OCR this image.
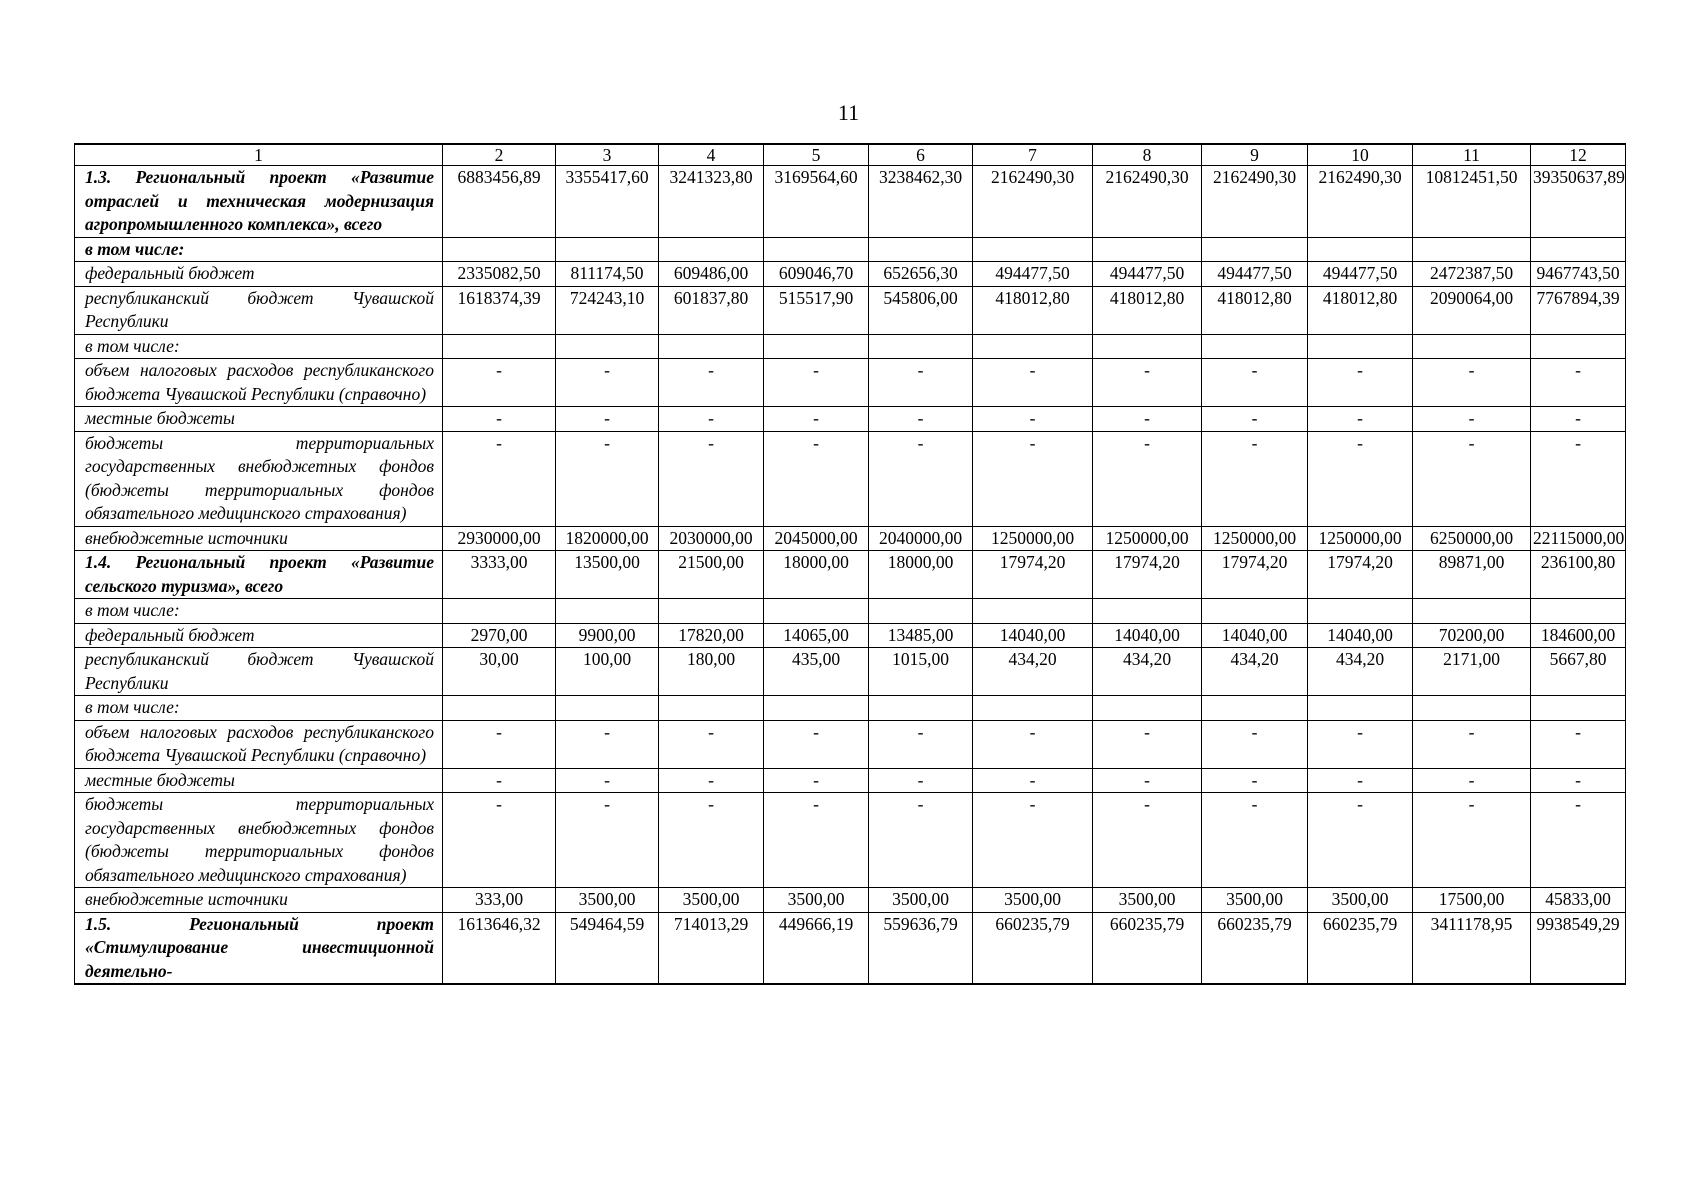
11
1	2	3	4	5	6	7	8	9	10	11	12
1.3. Региональный проект «Развитие отраслей и техническая модернизация агропромышленного комплекса», всего	6883456,89	3355417,60	3241323,80	3169564,60	3238462,30	2162490,30	2162490,30	2162490,30	2162490,30	10812451,50	39350637,89
в том числе:											
федеральный бюджет	2335082,50	811174,50	609486,00	609046,70	652656,30	494477,50	494477,50	494477,50	494477,50	2472387,50	9467743,50
республиканский бюджет Чувашской Республики	1618374,39	724243,10	601837,80	515517,90	545806,00	418012,80	418012,80	418012,80	418012,80	2090064,00	7767894,39
в том числе:											
объем налоговых расходов республиканского бюджета Чувашской Республики (справочно)	-	-	-	-	-	-	-	-	-	-	-
местные бюджеты	-	-	-	-	-	-	-	-	-	-	-
бюджеты территориальных государственных внебюджетных фондов (бюджеты территориальных фондов обязательного медицинского страхования)	-	-	-	-	-	-	-	-	-	-	-
внебюджетные источники	2930000,00	1820000,00	2030000,00	2045000,00	2040000,00	1250000,00	1250000,00	1250000,00	1250000,00	6250000,00	22115000,00
1.4. Региональный проект «Развитие сельского туризма», всего	3333,00	13500,00	21500,00	18000,00	18000,00	17974,20	17974,20	17974,20	17974,20	89871,00	236100,80
в том числе:											
федеральный бюджет	2970,00	9900,00	17820,00	14065,00	13485,00	14040,00	14040,00	14040,00	14040,00	70200,00	184600,00
республиканский бюджет Чувашской Республики	30,00	100,00	180,00	435,00	1015,00	434,20	434,20	434,20	434,20	2171,00	5667,80
в том числе:											
объем налоговых расходов республиканского бюджета Чувашской Республики (справочно)	-	-	-	-	-	-	-	-	-	-	-
местные бюджеты	-	-	-	-	-	-	-	-	-	-	-
бюджеты территориальных государственных внебюджетных фондов (бюджеты территориальных фондов обязательного медицинского страхования)	-	-	-	-	-	-	-	-	-	-	-
внебюджетные источники	333,00	3500,00	3500,00	3500,00	3500,00	3500,00	3500,00	3500,00	3500,00	17500,00	45833,00
1.5. Региональный проект «Стимулирование инвестиционной деятельно-	1613646,32	549464,59	714013,29	449666,19	559636,79	660235,79	660235,79	660235,79	660235,79	3411178,95	9938549,29
